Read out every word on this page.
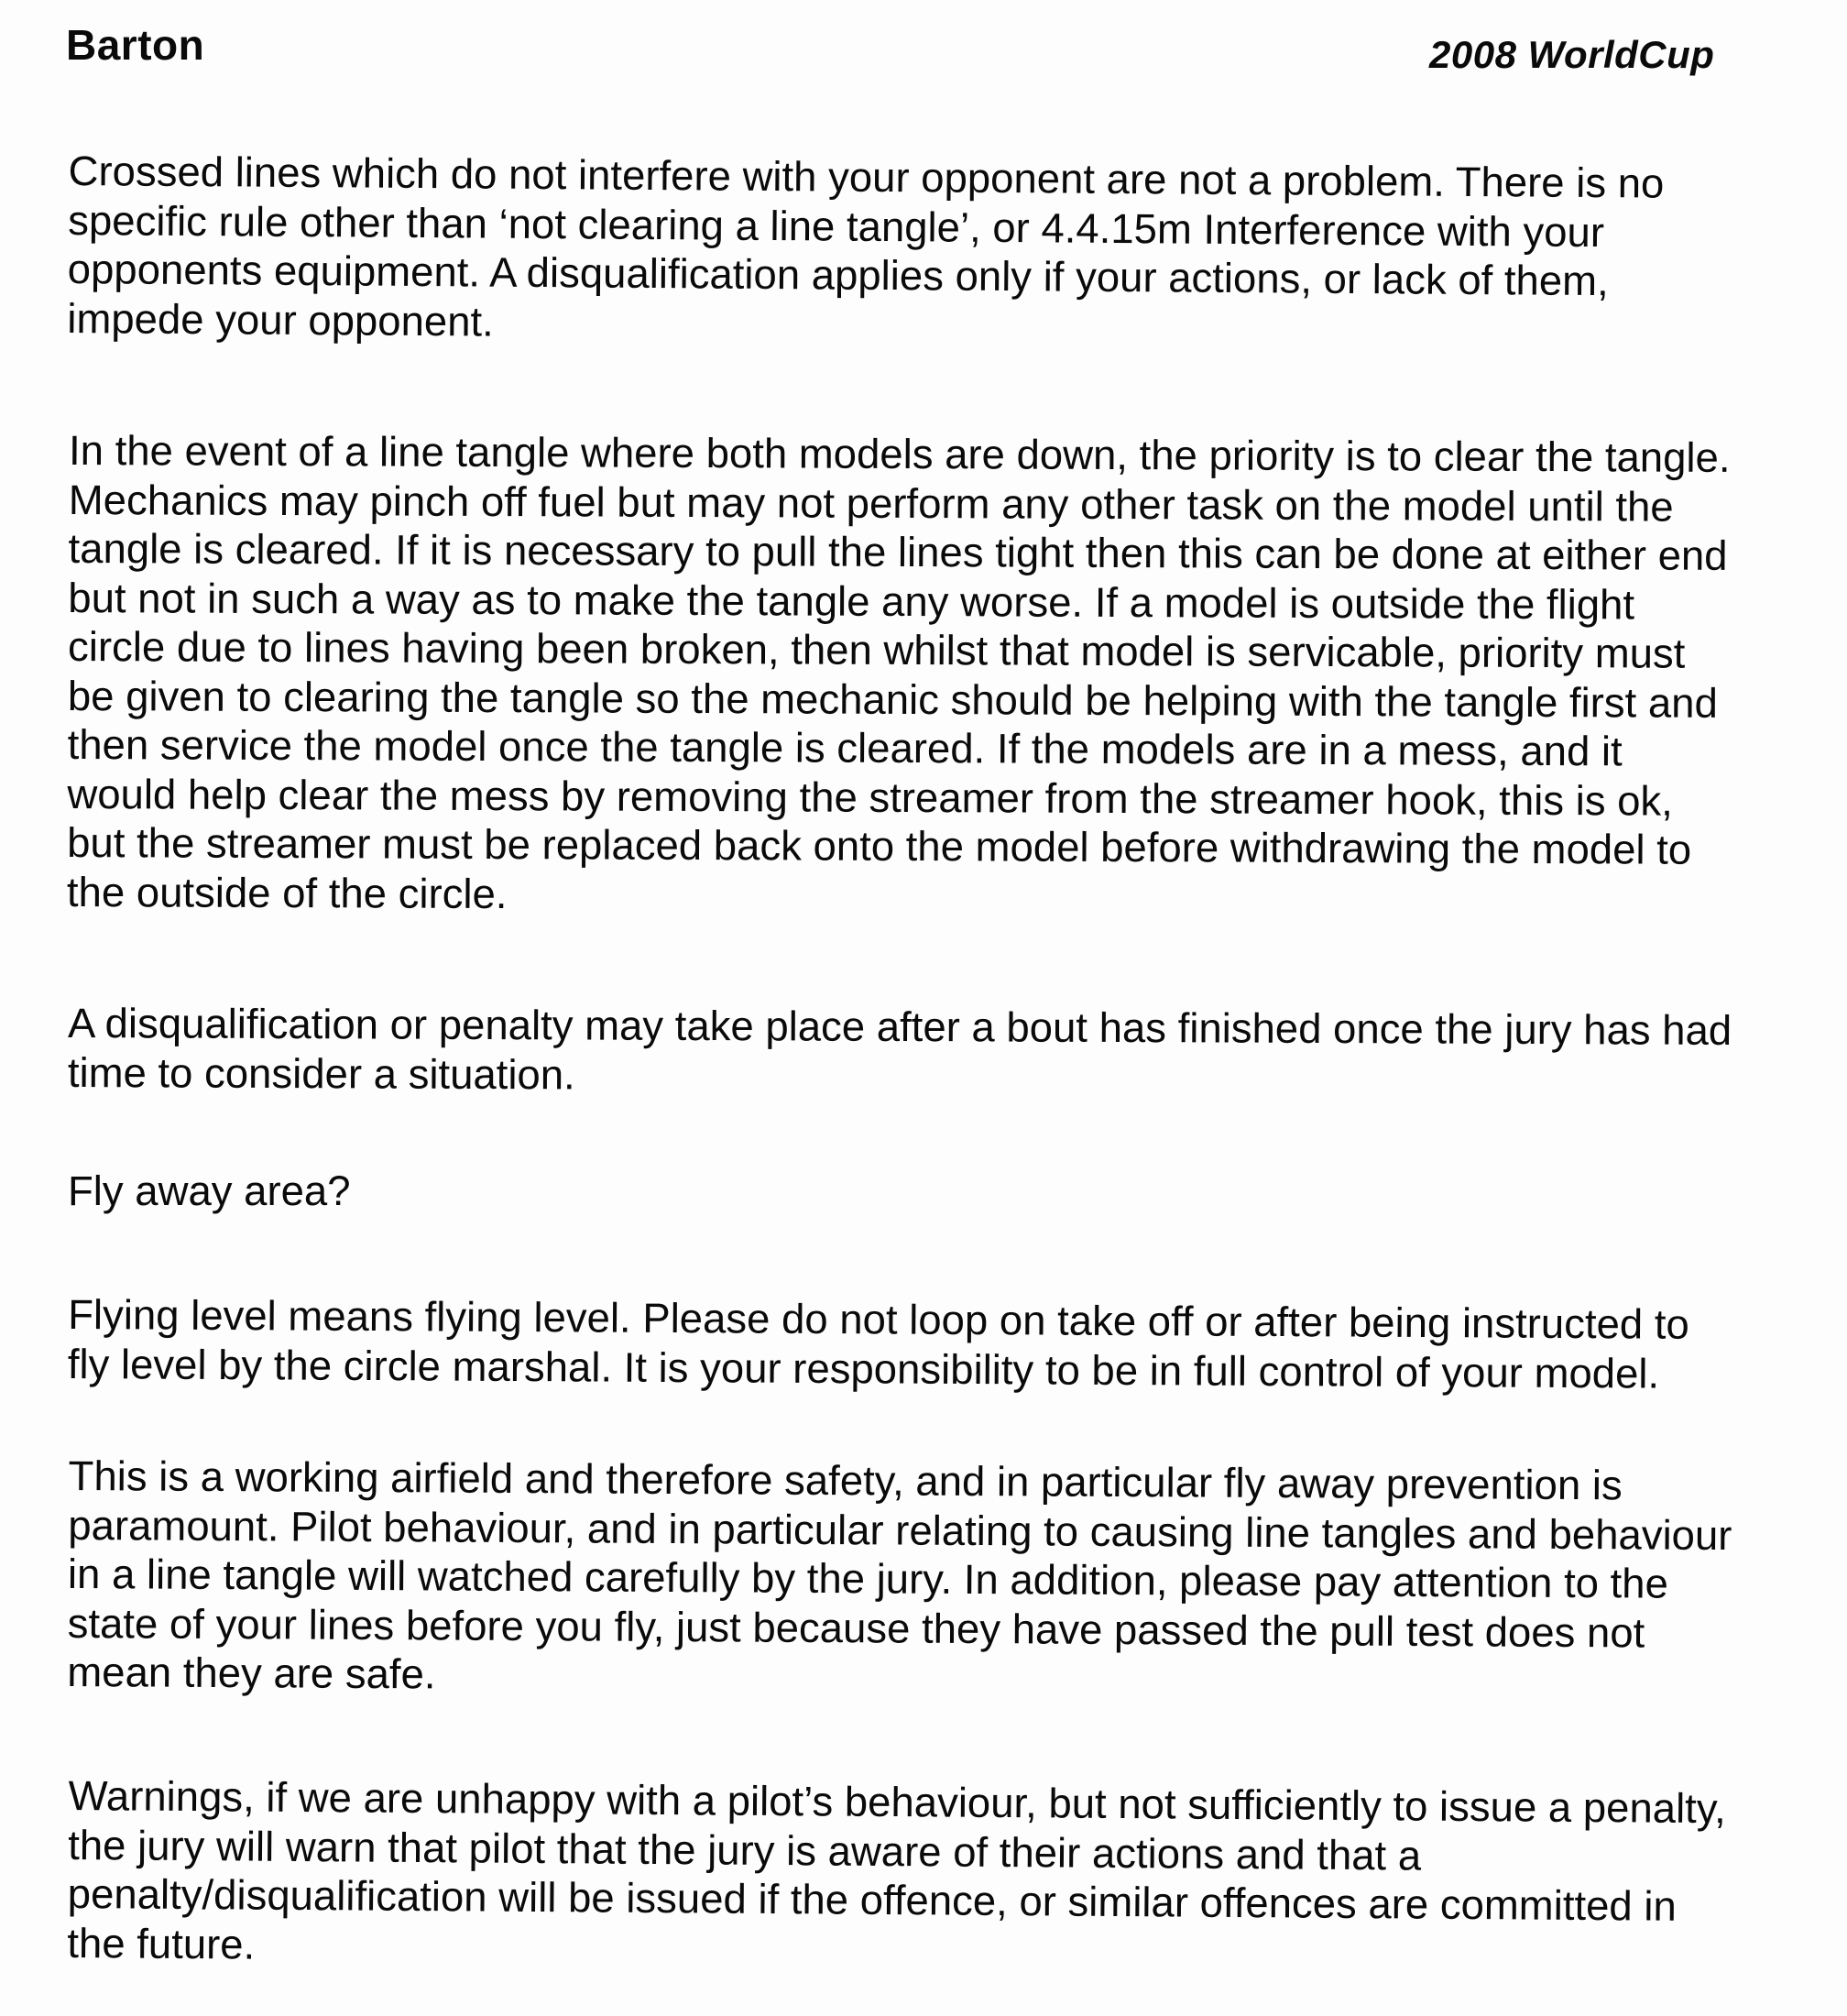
Barton	2008 WorldCup

Crossed lines which do not interfere with your opponent are not a problem. There is no
specific rule other than ‘not clearing a line tangle’, or 4.4.15m Interference with your
opponents equipment. A disqualification applies only if your actions, or lack of them,
impede your opponent.

In the event of a line tangle where both models are down, the priority is to clear the tangle.
Mechanics may pinch off fuel but may not perform any other task on the model until the
tangle is cleared. If it is necessary to pull the lines tight then this can be done at either end
but not in such a way as to make the tangle any worse. If a model is outside the flight
circle due to lines having been broken, then whilst that model is servicable, priority must
be given to clearing the tangle so the mechanic should be helping with the tangle first and
then service the model once the tangle is cleared. If the models are in a mess, and it
would help clear the mess by removing the streamer from the streamer hook, this is ok,
but the streamer must be replaced back onto the model before withdrawing the model to
the outside of the circle.

A disqualification or penalty may take place after a bout has finished once the jury has had
time to consider a situation.

Fly away area?

Flying level means flying level. Please do not loop on take off or after being instructed to
fly level by the circle marshal. It is your responsibility to be in full control of your model.

This is a working airfield and therefore safety, and in particular fly away prevention is
paramount. Pilot behaviour, and in particular relating to causing line tangles and behaviour
in a line tangle will watched carefully by the jury. In addition, please pay attention to the
state of your lines before you fly, just because they have passed the pull test does not
mean they are safe.

Warnings, if we are unhappy with a pilot’s behaviour, but not sufficiently to issue a penalty,
the jury will warn that pilot that the jury is aware of their actions and that a
penalty/disqualification will be issued if the offence, or similar offences are committed in
the future.
